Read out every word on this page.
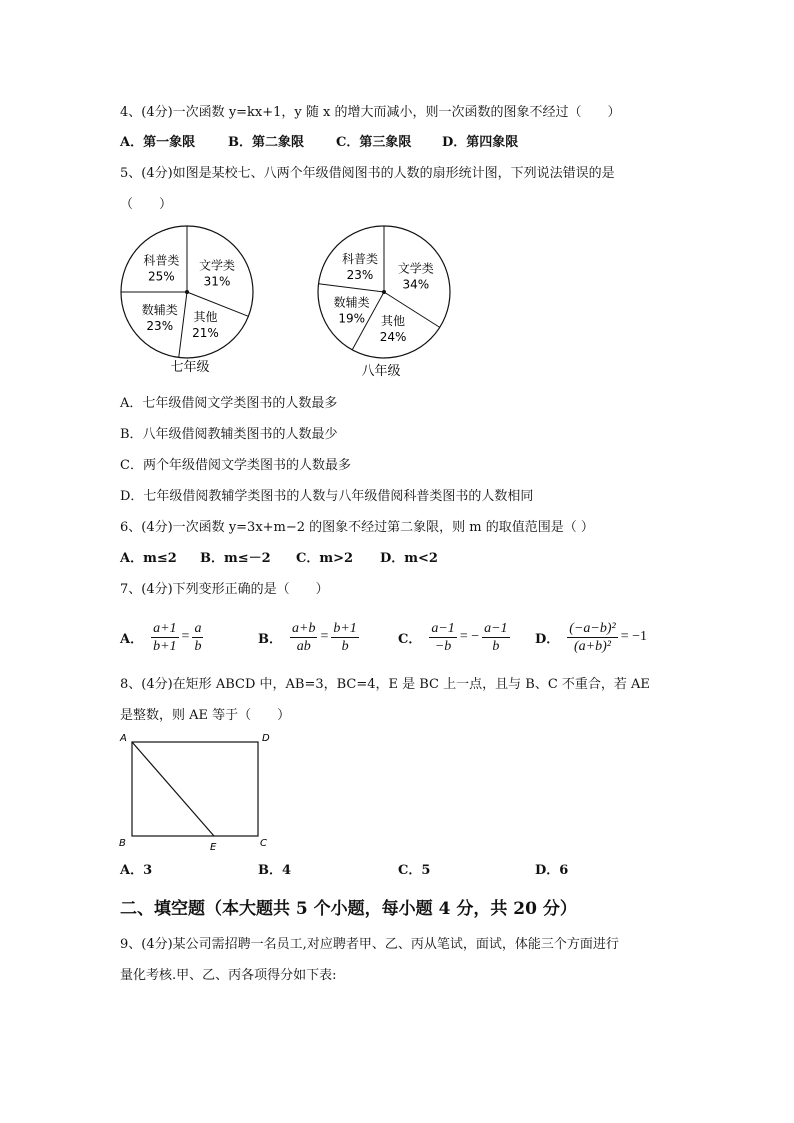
4、(4分)一次函数 y=kx+1，y 随 x 的增大而减小，则一次函数的图象不经过（　　）
A．第一象限	B．第二象限 C．第三象限 D．第四象限
5、(4分)如图是某校七、八两个年级借阅图书的人数的扇形统计图，下列说法错误的是
（　　）
文学类
31%
其他
21%
数辅类
23%
科普类
25%
七年级
文学类
34%
其他
24%
数辅类
19%
科普类
23%
八年级
A．七年级借阅文学类图书的人数最多
B．八年级借阅教辅类图书的人数最少
C．两个年级借阅文学类图书的人数最多
D．七年级借阅教辅学类图书的人数与八年级借阅科普类图书的人数相同
6、(4分)一次函数 y=3x+m−2 的图象不经过第二象限，则 m 的取值范围是（ ）
A．m≤2 B．m≤－2 C．m>2 D．m<2
7、(4分)下列变形正确的是（　　）
A． $\frac{a+1}{b+1} = \frac{a}{b}$	B． $\frac{a+b}{ab} = \frac{b+1}{b}$	C． $\frac{a-1}{-b}$ = − $\frac{a-1}{b}$ D． $\frac{\text{(−a−b)²}}{\text{(a+b)²}} = -1$
8、(4分)在矩形 ABCD 中，AB=3，BC=4，E 是 BC 上一点，且与 B、C 不重合，若 AE
是整数，则 AE 等于（　　）
A	D
B	C
E
A．3	B．4	C．5	D．6
二、填空题（本大题共 5 个小题，每小题 4 分，共 20 分）
9、(4分)某公司需招聘一名员工,对应聘者甲、乙、丙从笔试，面试，体能三个方面进行
量化考核.甲、乙、丙各项得分如下表:
